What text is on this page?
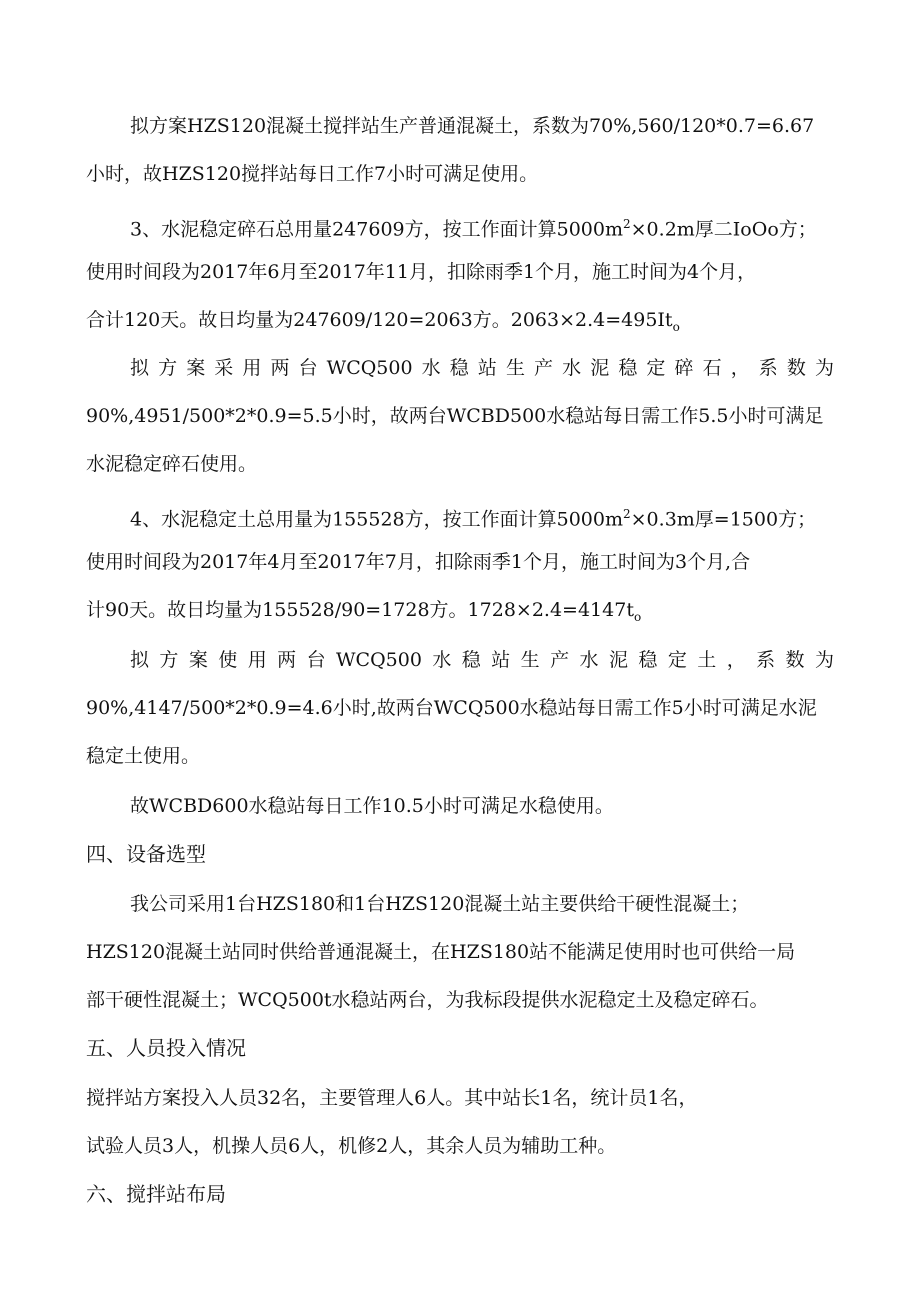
拟方案HZS120混凝土搅拌站生产普通混凝土，系数为70%,560/120*0.7=6.67
小时，故HZS120搅拌站每日工作7小时可满足使用。
3、水泥稳定碎石总用量247609方，按工作面计算$5000m^2\times 0.2m$厚二IoOo方；
使用时间段为2017年6月至2017年11月，扣除雨季1个月，施工时间为4个月，
合计120天。故日均量为247609/120=2063方。$2063\times 2.4=495It_o$
拟方案采用两台WCQ500水稳站生产水泥稳定碎石，系数为
90%,4951/500*2*0.9=5.5小时，故两台WCBD500水稳站每日需工作5.5小时可满足
水泥稳定碎石使用。
4、水泥稳定土总用量为155528方，按工作面计算$5000m^2\times 0.3m$厚=1500方；
使用时间段为2017年4月至2017年7月，扣除雨季1个月，施工时间为3个月,合
计90天。故日均量为155528/90=1728方。$1728\times 2.4=4147t_o$
拟方案使用两台WCQ500水稳站生产水泥稳定土，系数为
90%,4147/500*2*0.9=4.6小时,故两台WCQ500水稳站每日需工作5小时可满足水泥
稳定土使用。
故WCBD600水稳站每日工作10.5小时可满足水稳使用。
四、设备选型
我公司采用1台HZS180和1台HZS120混凝土站主要供给干硬性混凝土；
HZS120混凝土站同时供给普通混凝土，在HZS180站不能满足使用时也可供给一局
部干硬性混凝土；WCQ500t水稳站两台，为我标段提供水泥稳定土及稳定碎石。
五、人员投入情况
搅拌站方案投入人员32名，主要管理人6人。其中站长1名，统计员1名，
试验人员3人，机操人员6人，机修2人，其余人员为辅助工种。
六、搅拌站布局
